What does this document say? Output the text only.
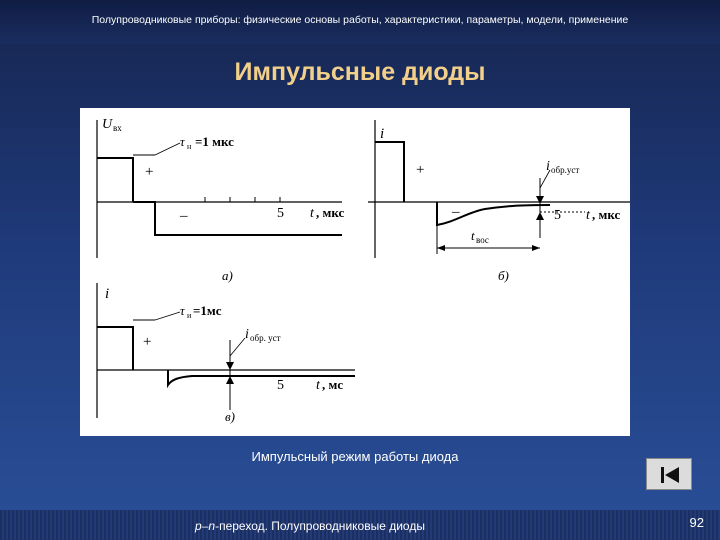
Полупроводниковые приборы: физические основы работы, характеристики, параметры, модели, применение
Импульсные диоды
U вх
τ н =1 мкс
+
–	5 t , мкс
а)
i
+
–
i обр.уст
t вос
5 t , мкс
б)
i
τ и =1мс
+	i обр. уст
5 t , мс
в)
Импульсный режим работы диода
p–n-переход. Полупроводниковые диоды	92
